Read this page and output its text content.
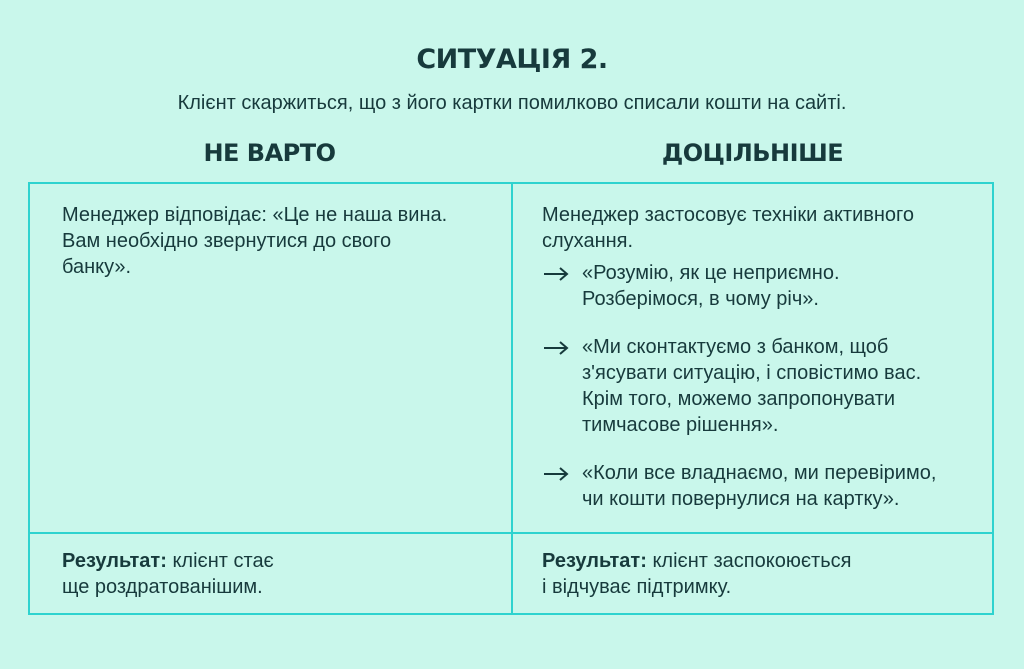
СИТУАЦІЯ 2.
Клієнт скаржиться, що з його картки помилково списали кошти на сайті.
НЕ ВАРТО	ДОЦІЛЬНІШЕ
Менеджер відповідає: «Це не наша вина.
Вам необхідно звернутися до свого
банку».
Менеджер застосовує техніки активного
слухання.
«Розумію, як це неприємно.
Розберімося, в чому річ».
«Ми сконтактуємо з банком, щоб
з'ясувати ситуацію, і сповістимо вас.
Крім того, можемо запропонувати
тимчасове рішення».
«Коли все владнаємо, ми перевіримо,
чи кошти повернулися на картку».
Результат: клієнт стає
ще роздратованішим.
Результат: клієнт заспокоюється
і відчуває підтримку.
